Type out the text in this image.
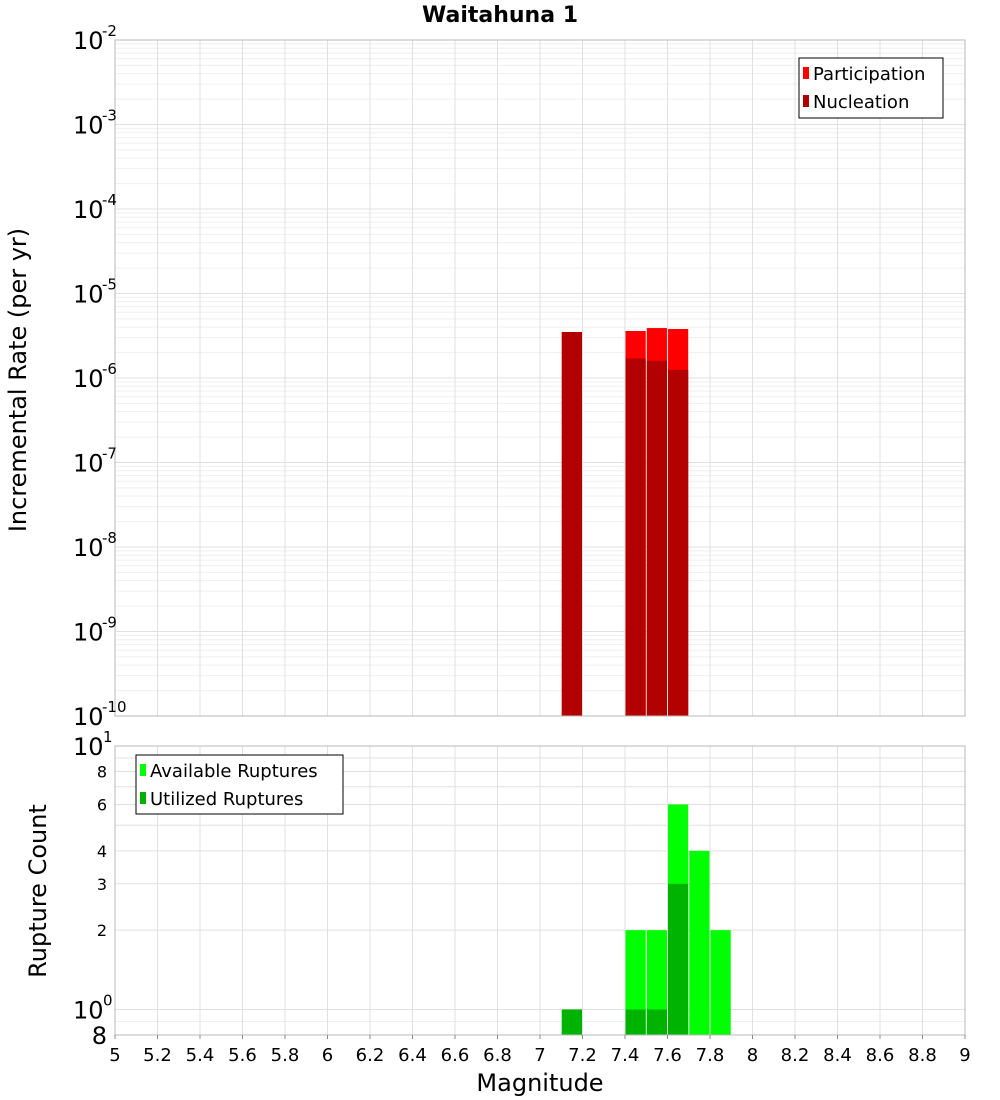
Waitahuna 1
10
-2
10
-3
10
-4
10
-5
10
-6
10
-7
10
-8
10
-9
10
-10
Incremental Rate (per yr)
Participation
Nucleation
8
6
4
3
2
10 1
10 0
8
5 5.2 5.4 5.6 5.8 6 6.2 6.4 6.6 6.8 7 7.2 7.4 7.6 7.8 8 8.2 8.4 8.6 8.8 9
Rupture Count
Magnitude
Available Ruptures
Utilized Ruptures
